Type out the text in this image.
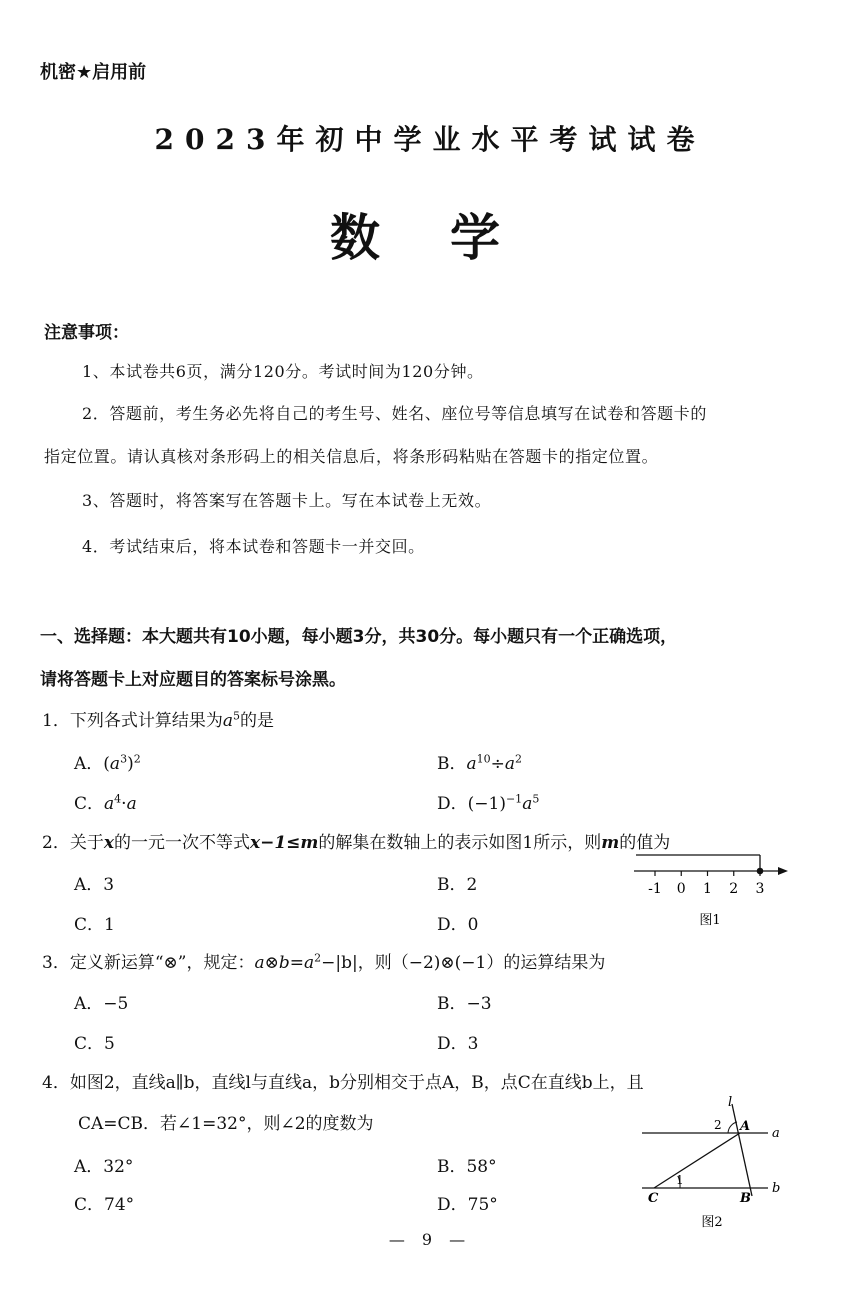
机密★启用前
2023年初中学业水平考试试卷
数学
注意事项：
1、本试卷共6页，满分120分。考试时间为120分钟。
2．答题前，考生务必先将自己的考生号、姓名、座位号等信息填写在试卷和答题卡的
指定位置。请认真核对条形码上的相关信息后，将条形码粘贴在答题卡的指定位置。
3、答题时，将答案写在答题卡上。写在本试卷上无效。
4．考试结束后，将本试卷和答题卡一并交回。
一、选择题：本大题共有10小题，每小题3分，共30分。每小题只有一个正确选项，
请将答题卡上对应题目的答案标号涂黑。
1．下列各式计算结果为$a^5$的是
A．$(a^3)^2$	B．$a^{10}\div a^2$
C．$a^4\cdot a$	D．$(-1)^{-1}a^5$
2．关于x的一元一次不等式x−1≤m的解集在数轴上的表示如图1所示，则m的值为
A．3	B．2
C．1	D．0
-1 0 1 2 3
图1
3．定义新运算“⊗”，规定：$a\otimes b=a^2-|b|$，则（−2)⊗(−1）的运算结果为
A．−5	B．−3
C．5	D．3
4．如图2，直线a∥b，直线l与直线a，b分别相交于点A，B，点C在直线b上，且
CA=CB．若∠1=32°，则∠2的度数为
A．32°	B．58°
C．74°	D．75°
l
2 A a
1
C	B
b
图2
— 9 —
